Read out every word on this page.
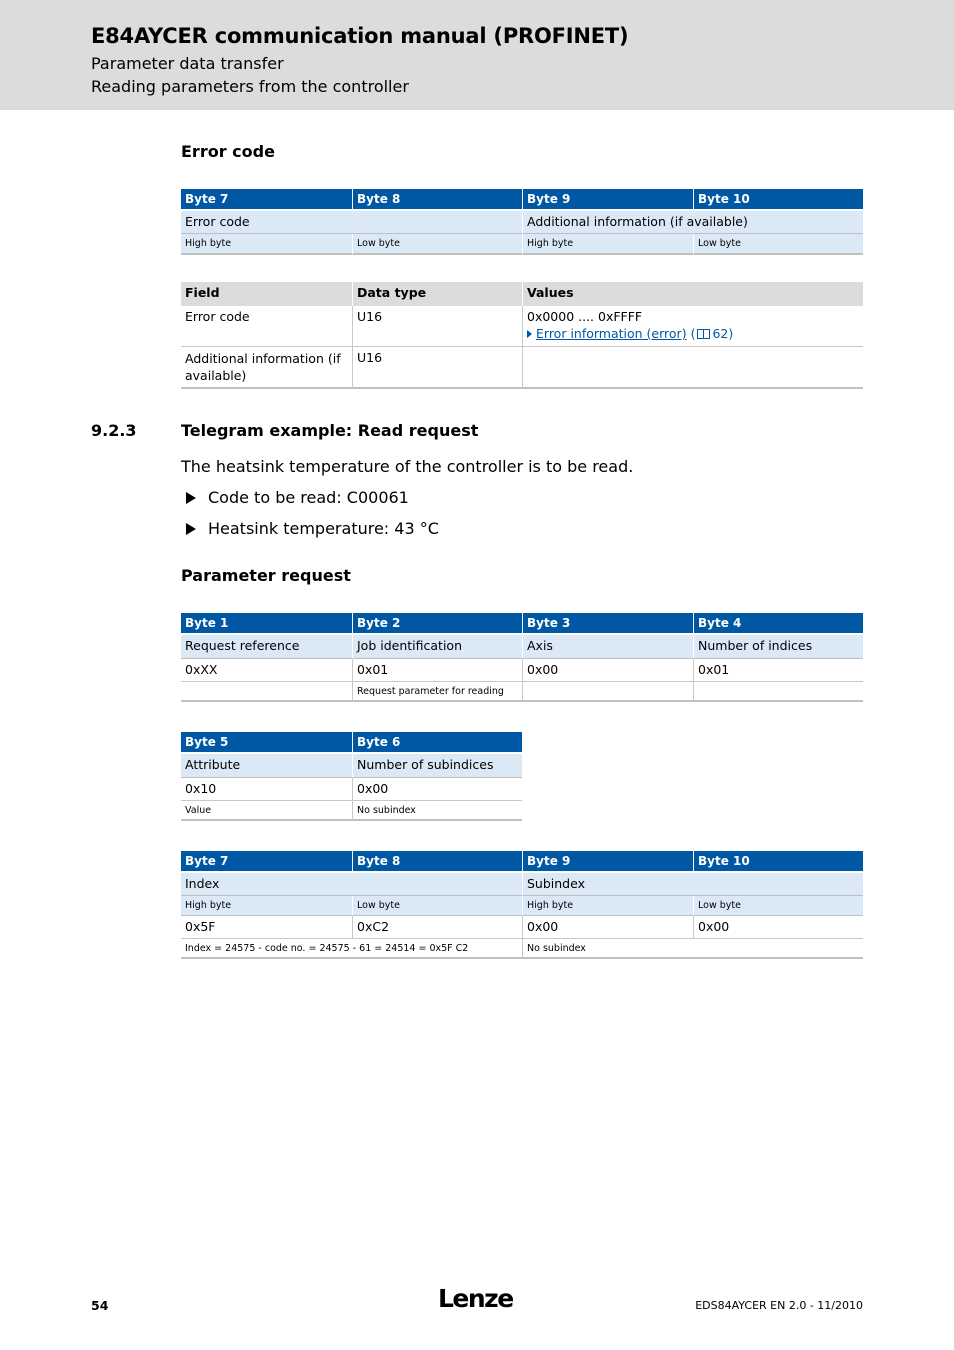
E84AYCER communication manual (PROFINET)
Parameter data transfer
Reading parameters from the controller
Error code
Byte 7	Byte 8	Byte 9	Byte 10
Error code		Additional information (if available)	
High byte	Low byte	High byte	Low byte
Field	Data type	Values
Error code	U16	0x0000 .... 0xFFFF
Error information (error) ( 62)

Additional information (if available)	U16	
9.2.3	Telegram example: Read request
The heatsink temperature of the controller is to be read.
Code to be read: C00061
Heatsink temperature: 43 °C
Parameter request
Byte 1	Byte 2	Byte 3	Byte 4
Request reference	Job identification	Axis	Number of indices
0xXX	0x01	0x00	0x01
	Request parameter for reading		
Byte 5	Byte 6
Attribute	Number of subindices
0x10	0x00
Value	No subindex
Byte 7	Byte 8	Byte 9	Byte 10
Index		Subindex	
High byte	Low byte	High byte	Low byte
0x5F	0xC2	0x00	0x00
Index = 24575 - code no. = 24575 - 61 = 24514 = 0x5F C2		No subindex	
54	Lenze	EDS84AYCER EN 2.0 - 11/2010
